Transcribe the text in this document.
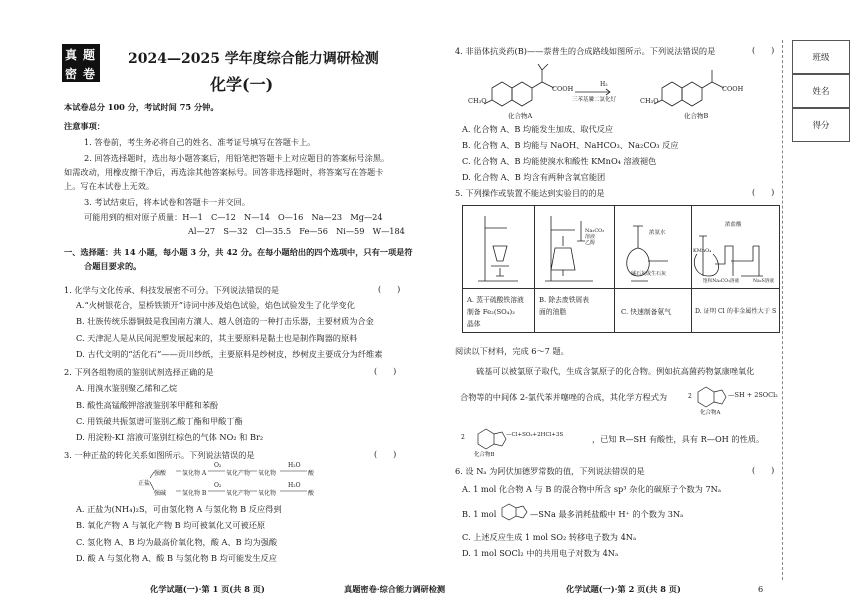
真 题
密 卷
2024—2025 学年度综合能力调研检测
化学(一)
本试卷总分 100 分，考试时间 75 分钟。
注意事项：
1. 答卷前，考生务必将自己的姓名、准考证号填写在答题卡上。
2. 回答选择题时，选出每小题答案后，用铅笔把答题卡上对应题目的答案标号涂黑。
如需改动，用橡皮擦干净后，再选涂其他答案标号。回答非选择题时，将答案写在答题卡
上。写在本试卷上无效。
3. 考试结束后，将本试卷和答题卡一并交回。
可能用到的相对原子质量：H—1　C—12　N—14　O—16　Na—23　Mg—24
Al—27　S—32　Cl—35.5　Fe—56　Ni—59　W—184
一、选择题：共 14 小题，每小题 3 分，共 42 分。在每小题给出的四个选项中，只有一项是符
合题目要求的。
1. 化学与文化传承、科技发展密不可分。下列说法错误的是	(　　)
A.“火树银花合，星桥铁锁开”诗词中涉及焰色试验，焰色试验发生了化学变化
B. 壮族传统乐器铜鼓是我国南方瀼人、越人创造的一种打击乐器，主要材质为合金
C. 天津泥人是从民间泥塑发展起来的，其主要原料是黏土也是制作陶器的原料
D. 古代文明的“活化石”——贡川纱纸，主要原料是纱树皮，纱树皮主要成分为纤维素
2. 下列各组物质的鉴别试剂选择正确的是	(　　)
A. 用溴水鉴别聚乙烯和乙烷
B. 酸性高锰酸钾溶液鉴别苯甲醛和苯酚
C. 用铁破共振氢谱可鉴别乙酸丁酯和甲酸丁酯
D. 用淀粉-KI 溶液可鉴别红棕色的气体 NO₂ 和 Br₂
3. 一种正盐的转化关系如图所示。下列说法错误的是	(　　)
正盐
强酸
强碱
氢化物 A
氢化物 B
O₂
O₂
氧化产物
氧化产物
氧化物
氧化物
H₂O
H₂O
酸
酸
A. 正盐为(NH₄)₂S，可由氢化物 A 与氢化物 B 反应得到
B. 氧化产物 A 与氧化产物 B 均可被氧化又可被还原
C. 氢化物 A、B 均为最高价氧化物，酸 A、B 均为强酸
D. 酸 A 与氢化物 A、酸 B 与氢化物 B 均可能发生反应
化学试题(一)·第 1 页(共 8 页)	真题密卷·综合能力调研检测	化学试题(一)·第 2 页(共 8 页)	6
4. 非甾体抗炎药(B)——萘普生的合成路线如图所示。下列说法错误的是	(　　)
CH₃O
COOH
H₂
三苯基膦二氯化钌	CH₃O
COOH
化合物A	化合物B
A. 化合物 A、B 均能发生加成、取代反应
B. 化合物 A、B 均能与 NaOH、NaHCO₃、Na₂CO₃ 反应
C. 化合物 A、B 均能使溴水和酸性 KMnO₄ 溶液褪色
D. 化合物 A、B 均含有两种含氧官能团
5. 下列操作或装置不能达到实验目的的是	(　　)
Na₂CO₃
溶液
乙醇
浓氨水
碱石灰或生石灰
浓盐酸
KMnO₄
饱和Na₂CO₃溶液	Na₂S溶液
A. 蒸干硫酸铁溶液
制备 Fe₂(SO₄)₃
晶体
B. 除去废铁屑表
面的油脂	C. 快速制备氨气	D. 证明 Cl 的非金属性大于 S
阅读以下材料，完成 6～7 题。
硫基可以被氯原子取代，生成含氯原子的化合物。例如抗高菌药物氯康唑氧化
合物等的中间体 2-氯代苯并噻唑的合成，其化学方程式为	2	—SH + 2SOCl₂
化合物A
2	—Cl+SO₂+2HCl+3S	，已知 R—SH 有酸性，具有 R—OH 的性质。
化合物B
6. 设 Nₐ 为阿伏加德罗常数的值，下列说法错误的是	(　　)
A. 1 mol 化合物 A 与 B 的混合物中所含 sp³ 杂化的碳原子个数为 7Nₐ
B. 1 mol	—SNa 最多消耗盐酸中 H⁺ 的个数为 3Nₐ
C. 上述反应生成 1 mol SO₂ 转移电子数为 4Nₐ
D. 1 mol SOCl₂ 中的共用电子对数为 4Nₐ
班级
姓名
得分
